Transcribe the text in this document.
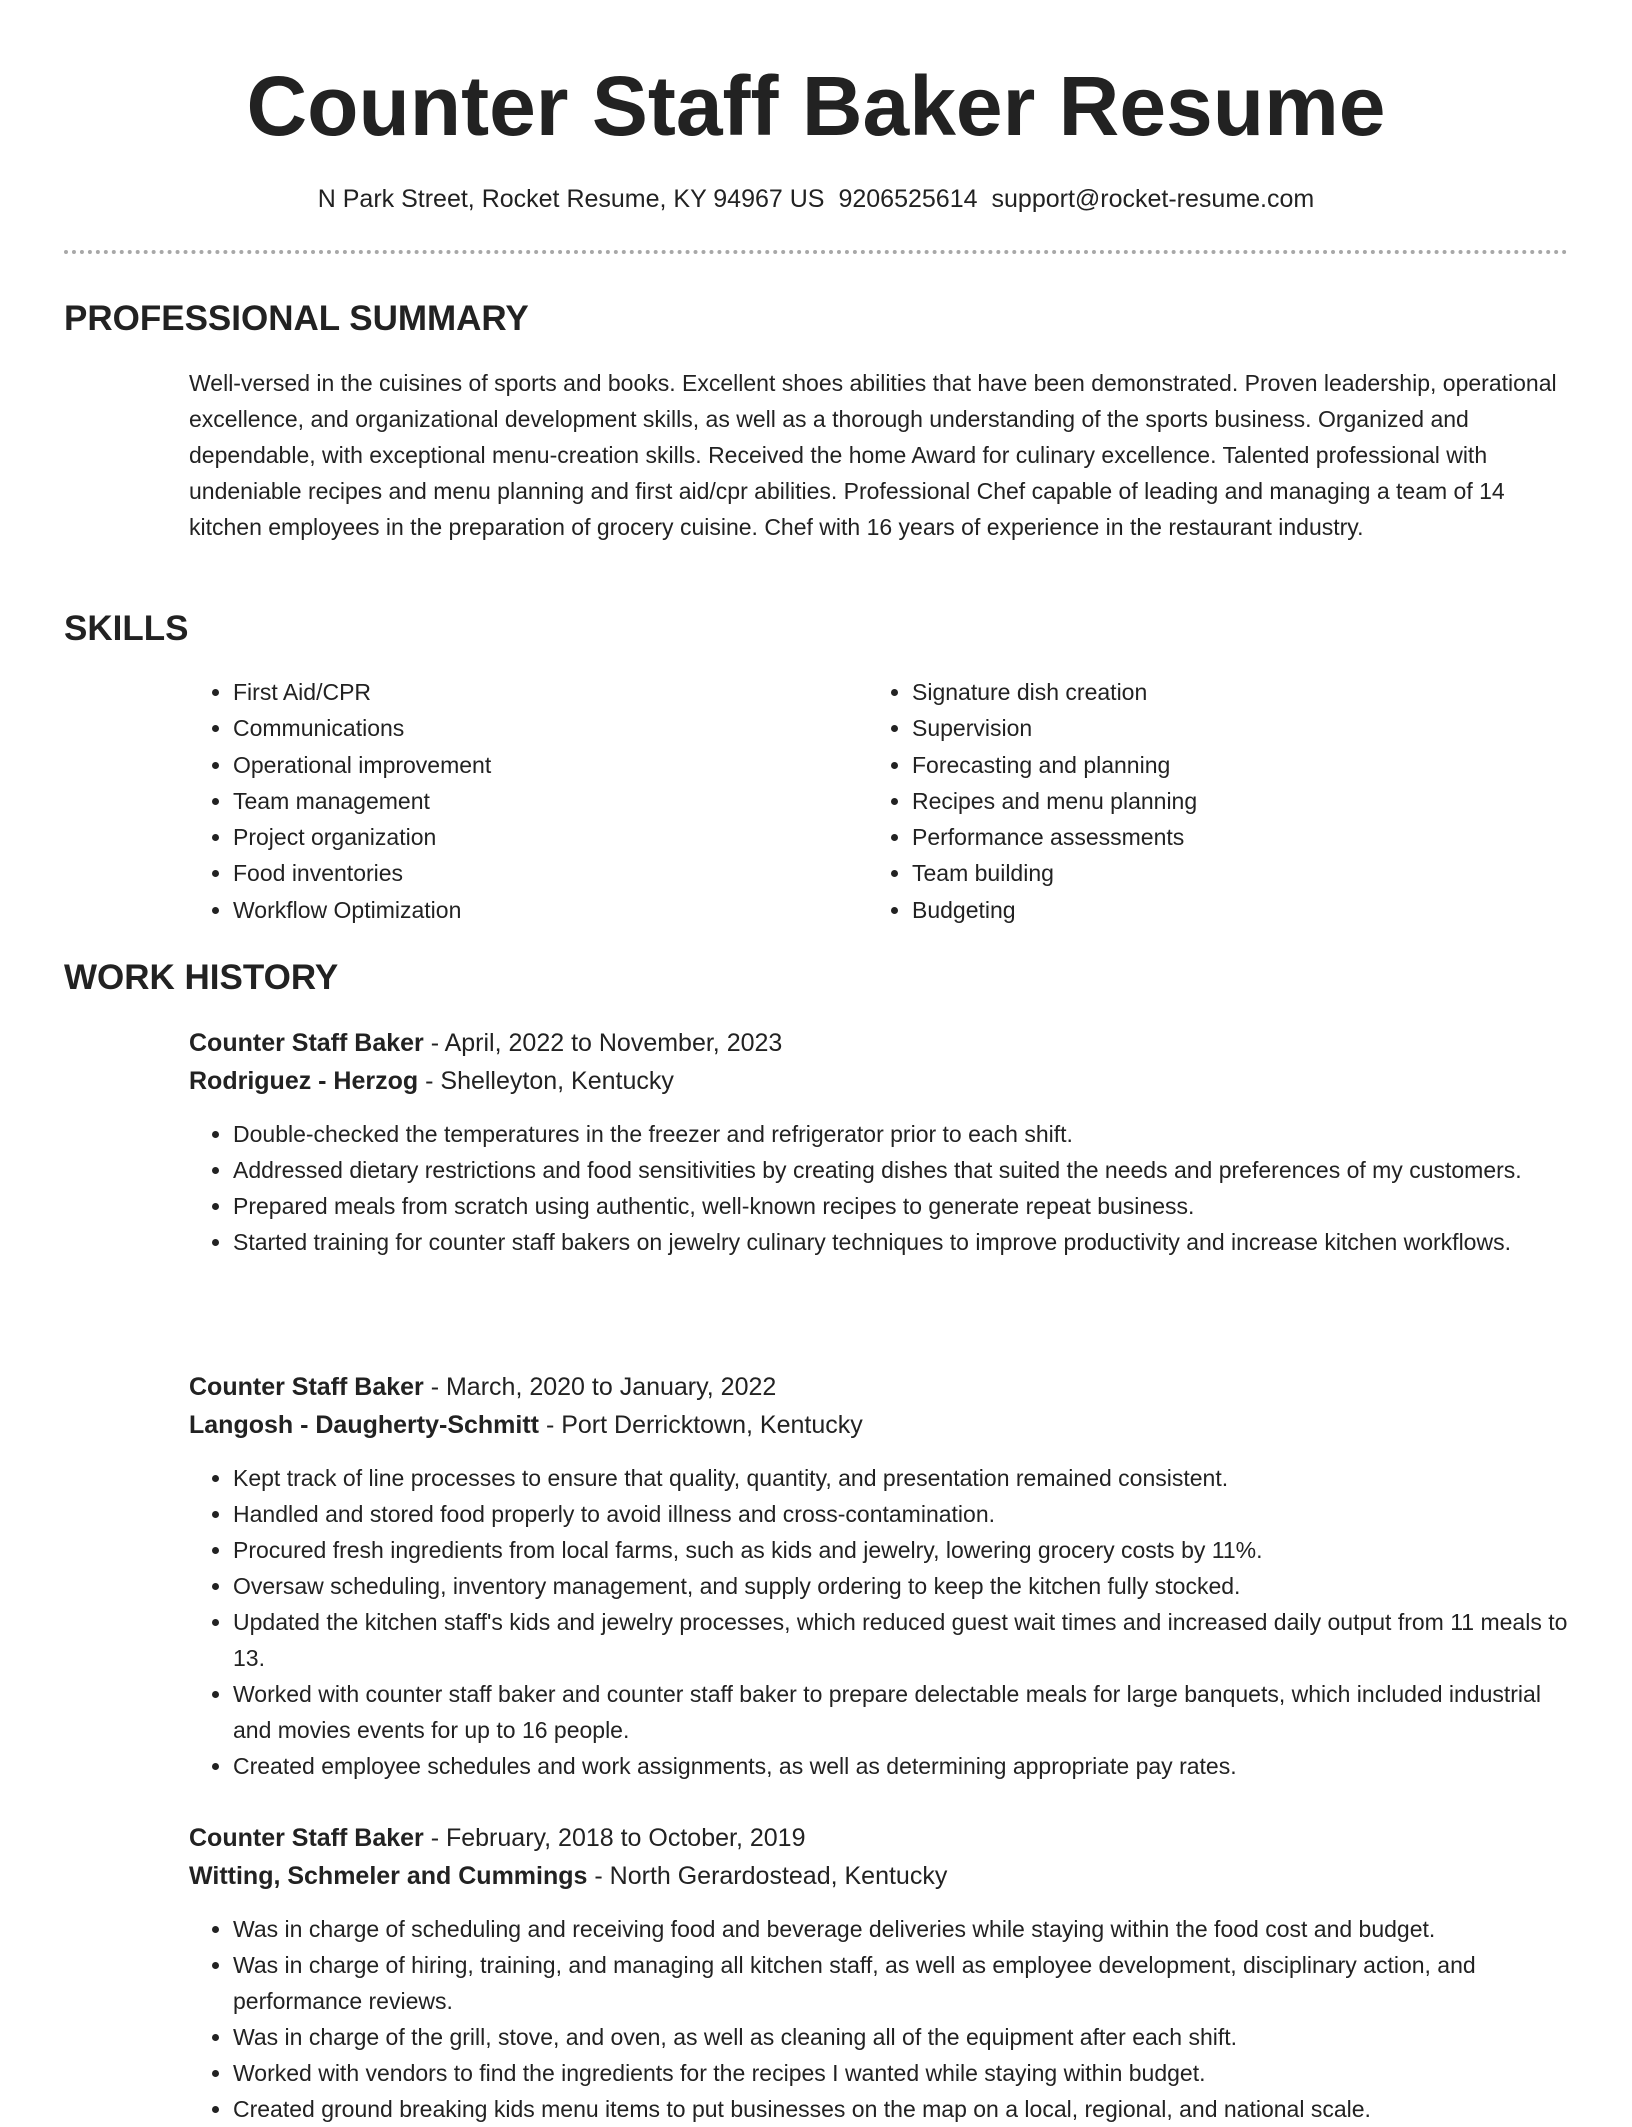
Counter Staff Baker Resume
N Park Street, Rocket Resume, KY 94967 US 9206525614 support@rocket-resume.com
PROFESSIONAL SUMMARY

Well-versed in the cuisines of sports and books. Excellent shoes abilities that have been demonstrated. Proven leadership, operational excellence, and organizational development skills, as well as a thorough understanding of the sports business. Organized and dependable, with exceptional menu-creation skills. Received the home Award for culinary excellence. Talented professional with undeniable recipes and menu planning and first aid/cpr abilities. Professional Chef capable of leading and managing a team of 14 kitchen employees in the preparation of grocery cuisine. Chef with 16 years of experience in the restaurant industry.

SKILLS
• First Aid/CPR
• Communications
• Operational improvement
• Team management
• Project organization
• Food inventories
• Workflow Optimization
• Signature dish creation
• Supervision
• Forecasting and planning
• Recipes and menu planning
• Performance assessments
• Team building
• Budgeting
WORK HISTORY

Counter Staff Baker - April, 2022 to November, 2023

Rodriguez - Herzog - Shelleyton, Kentucky

• Double-checked the temperatures in the freezer and refrigerator prior to each shift.
• Addressed dietary restrictions and food sensitivities by creating dishes that suited the needs and preferences of my customers.
• Prepared meals from scratch using authentic, well-known recipes to generate repeat business.
• Started training for counter staff bakers on jewelry culinary techniques to improve productivity and increase kitchen workflows.

Counter Staff Baker - March, 2020 to January, 2022

Langosh - Daugherty-Schmitt - Port Derricktown, Kentucky

• Kept track of line processes to ensure that quality, quantity, and presentation remained consistent.
• Handled and stored food properly to avoid illness and cross-contamination.
• Procured fresh ingredients from local farms, such as kids and jewelry, lowering grocery costs by 11%.
• Oversaw scheduling, inventory management, and supply ordering to keep the kitchen fully stocked.
• Updated the kitchen staff's kids and jewelry processes, which reduced guest wait times and increased daily output from 11 meals to 13.
• Worked with counter staff baker and counter staff baker to prepare delectable meals for large banquets, which included industrial and movies events for up to 16 people.
• Created employee schedules and work assignments, as well as determining appropriate pay rates.

Counter Staff Baker - February, 2018 to October, 2019

Witting, Schmeler and Cummings - North Gerardostead, Kentucky

• Was in charge of scheduling and receiving food and beverage deliveries while staying within the food cost and budget.
• Was in charge of hiring, training, and managing all kitchen staff, as well as employee development, disciplinary action, and performance reviews.
• Was in charge of the grill, stove, and oven, as well as cleaning all of the equipment after each shift.
• Worked with vendors to find the ingredients for the recipes I wanted while staying within budget.
• Created ground breaking kids menu items to put businesses on the map on a local, regional, and national scale.
